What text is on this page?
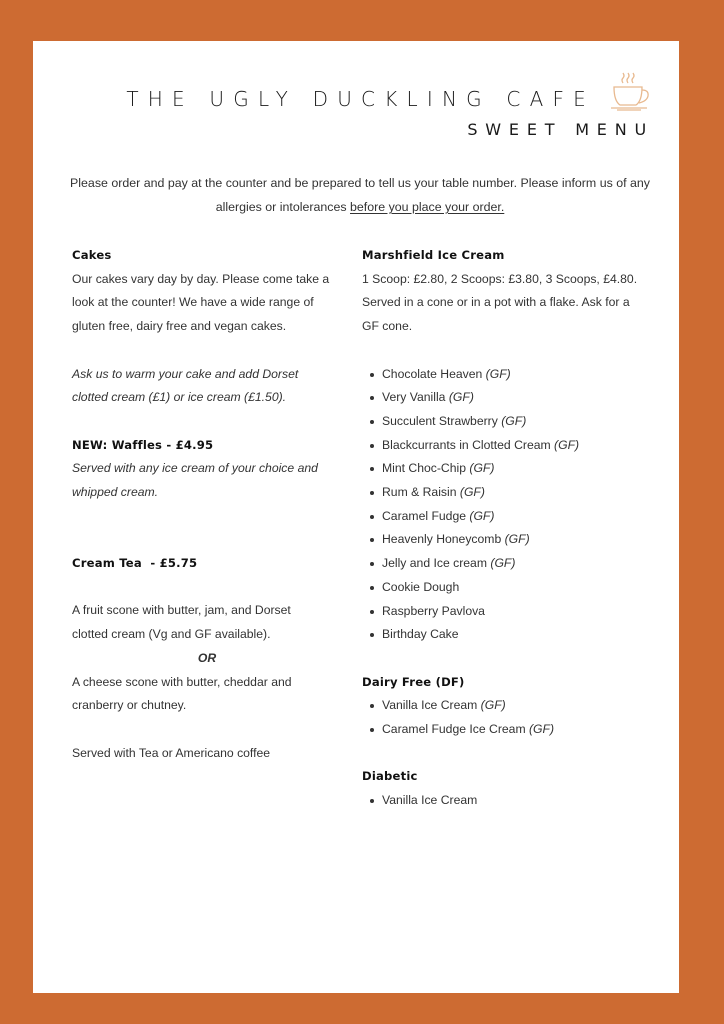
THE UGLY DUCKLING CAFE
SWEET MENU
Please order and pay at the counter and be prepared to tell us your table number. Please inform us of any allergies or intolerances before you place your order.
Cakes

Our cakes vary day by day. Please come take a

look at the counter! We have a wide range of

gluten free, dairy free and vegan cakes.

Ask us to warm your cake and add Dorset

clotted cream (£1) or ice cream (£1.50).

NEW: Waffles - £4.95

Served with any ice cream of your choice and

whipped cream.

Cream Tea  - £5.75

A fruit scone with butter, jam, and Dorset

clotted cream (Vg and GF available).

OR

A cheese scone with butter, cheddar and

cranberry or chutney.

Served with Tea or Americano coffee

Marshfield Ice Cream

1 Scoop: £2.80, 2 Scoops: £3.80, 3 Scoops, £4.80.

Served in a cone or in a pot with a flake. Ask for a

GF cone.

Chocolate Heaven (GF)
Very Vanilla (GF)
Succulent Strawberry (GF)
Blackcurrants in Clotted Cream (GF)
Mint Choc-Chip (GF)
Rum & Raisin (GF)
Caramel Fudge (GF)
Heavenly Honeycomb (GF)
Jelly and Ice cream (GF)
Cookie Dough
Raspberry Pavlova
Birthday Cake
Dairy Free (DF)
Vanilla Ice Cream (GF)
Caramel Fudge Ice Cream (GF)
Diabetic
Vanilla Ice Cream
